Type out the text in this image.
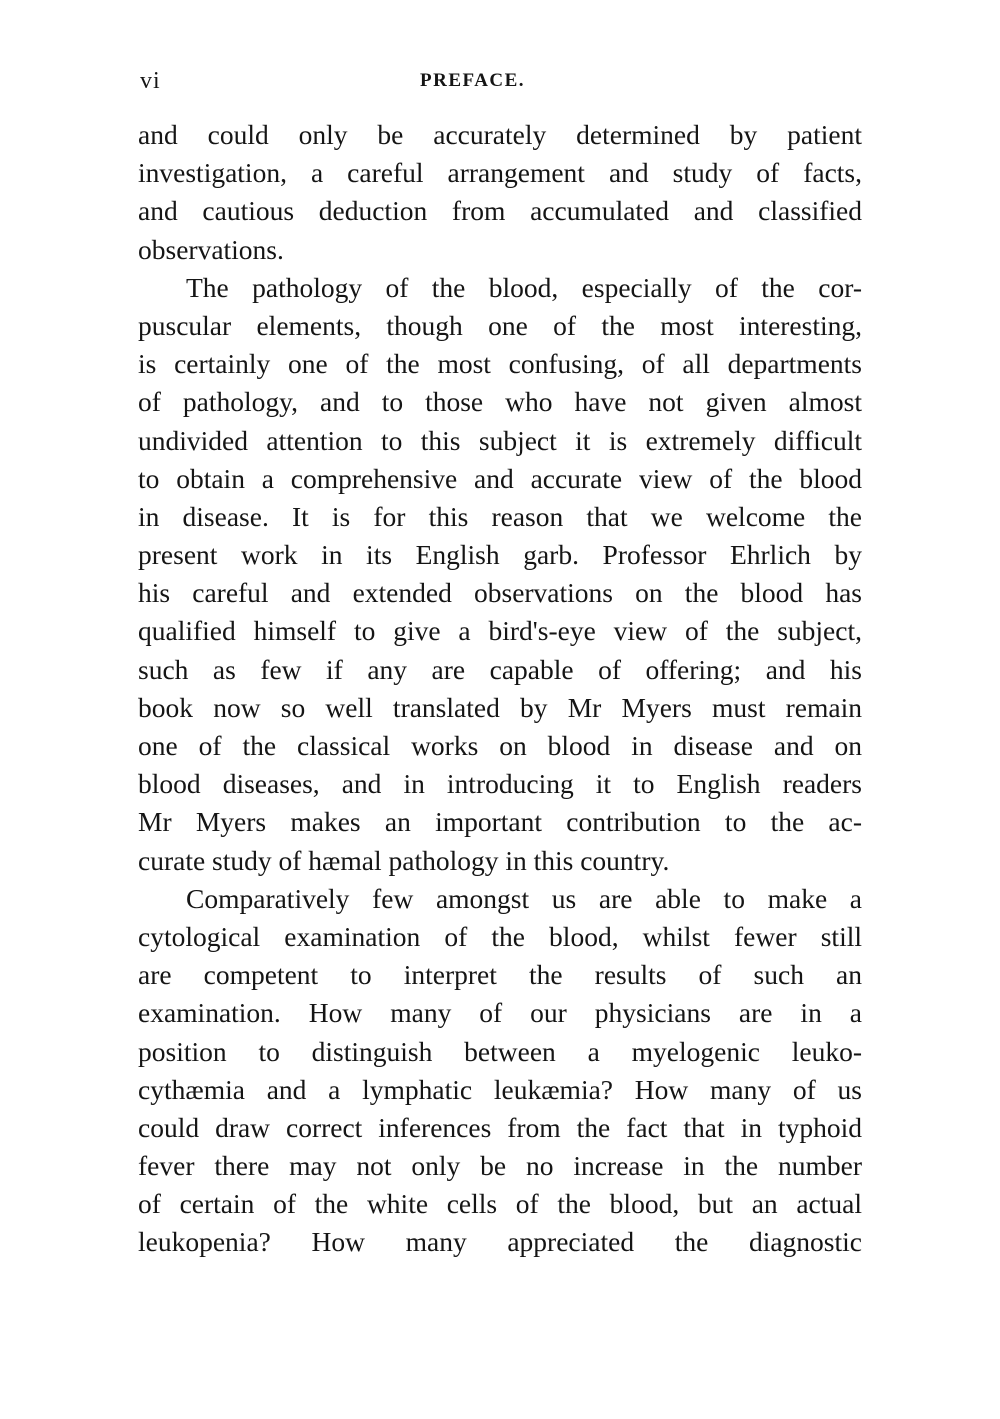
vi	PREFACE.
and could only be accurately determined by patient
investigation, a careful arrangement and study of facts,
and cautious deduction from accumulated and classified
observations.
The pathology of the blood, especially of the cor-
puscular elements, though one of the most interesting,
is certainly one of the most confusing, of all departments
of pathology, and to those who have not given almost
undivided attention to this subject it is extremely difficult
to obtain a comprehensive and accurate view of the blood
in disease. It is for this reason that we welcome the
present work in its English garb. Professor Ehrlich by
his careful and extended observations on the blood has
qualified himself to give a bird's-eye view of the subject,
such as few if any are capable of offering; and his
book now so well translated by Mr Myers must remain
one of the classical works on blood in disease and on
blood diseases, and in introducing it to English readers
Mr Myers makes an important contribution to the ac-
curate study of hæmal pathology in this country.
Comparatively few amongst us are able to make a
cytological examination of the blood, whilst fewer still
are competent to interpret the results of such an
examination. How many of our physicians are in a
position to distinguish between a myelogenic leuko-
cythæmia and a lymphatic leukæmia? How many of us
could draw correct inferences from the fact that in typhoid
fever there may not only be no increase in the number
of certain of the white cells of the blood, but an actual
leukopenia? How many appreciated the diagnostic
